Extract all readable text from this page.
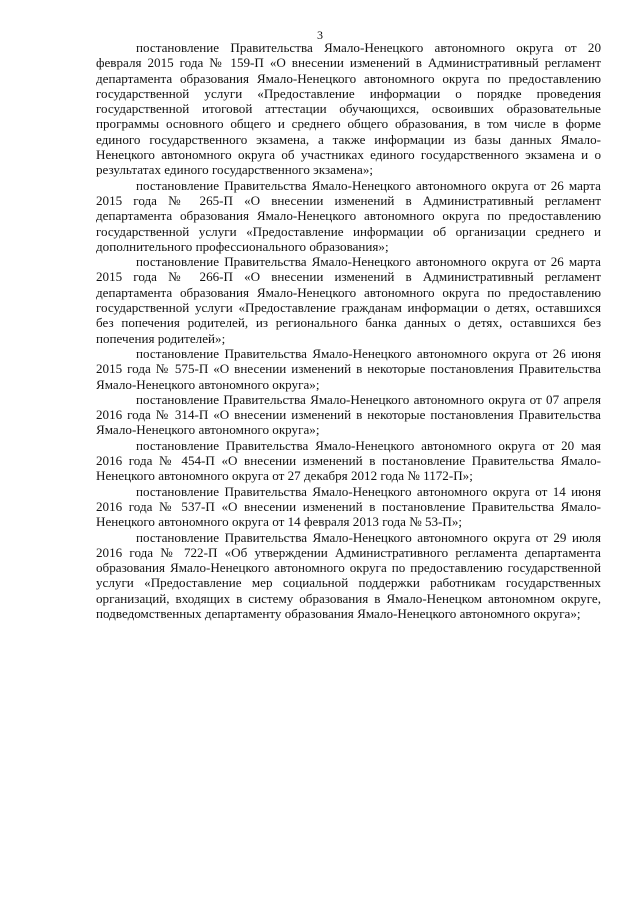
3

постановление Правительства Ямало-Ненецкого автономного округа от 20 февраля 2015 года № 159-П «О внесении изменений в Административный регламент департамента образования Ямало-Ненецкого автономного округа по предоставлению государственной услуги «Предоставление информации о порядке проведения государственной итоговой аттестации обучающихся, освоивших образовательные программы основного общего и среднего общего образования, в том числе в форме единого государственного экзамена, а также информации из базы данных Ямало-Ненецкого автономного округа об участниках единого государственного экзамена и о результатах единого государственного экзамена»;

постановление Правительства Ямало-Ненецкого автономного округа от 26 марта 2015 года № 265-П «О внесении изменений в Административный регламент департамента образования Ямало-Ненецкого автономного округа по предоставлению государственной услуги «Предоставление информации об организации среднего и дополнительного профессионального образования»;

постановление Правительства Ямало-Ненецкого автономного округа от 26 марта 2015 года № 266-П «О внесении изменений в Административный регламент департамента образования Ямало-Ненецкого автономного округа по предоставлению государственной услуги «Предоставление гражданам информации о детях, оставшихся без попечения родителей, из регионального банка данных о детях, оставшихся без попечения родителей»;

постановление Правительства Ямало-Ненецкого автономного округа от 26 июня 2015 года № 575-П «О внесении изменений в некоторые постановления Правительства Ямало-Ненецкого автономного округа»;

постановление Правительства Ямало-Ненецкого автономного округа от 07 апреля 2016 года № 314-П «О внесении изменений в некоторые постановления Правительства Ямало-Ненецкого автономного округа»;

постановление Правительства Ямало-Ненецкого автономного округа от 20 мая 2016 года № 454-П «О внесении изменений в постановление Правительства Ямало-Ненецкого автономного округа от 27 декабря 2012 года № 1172-П»;

постановление Правительства Ямало-Ненецкого автономного округа от 14 июня 2016 года № 537-П «О внесении изменений в постановление Правительства Ямало-Ненецкого автономного округа от 14 февраля 2013 года № 53-П»;

постановление Правительства Ямало-Ненецкого автономного округа от 29 июля 2016 года № 722-П «Об утверждении Административного регламента департамента образования Ямало-Ненецкого автономного округа по предоставлению государственной услуги «Предоставление мер социальной поддержки работникам государственных организаций, входящих в систему образования в Ямало-Ненецком автономном округе, подведомственных департаменту образования Ямало-Ненецкого автономного округа»;
